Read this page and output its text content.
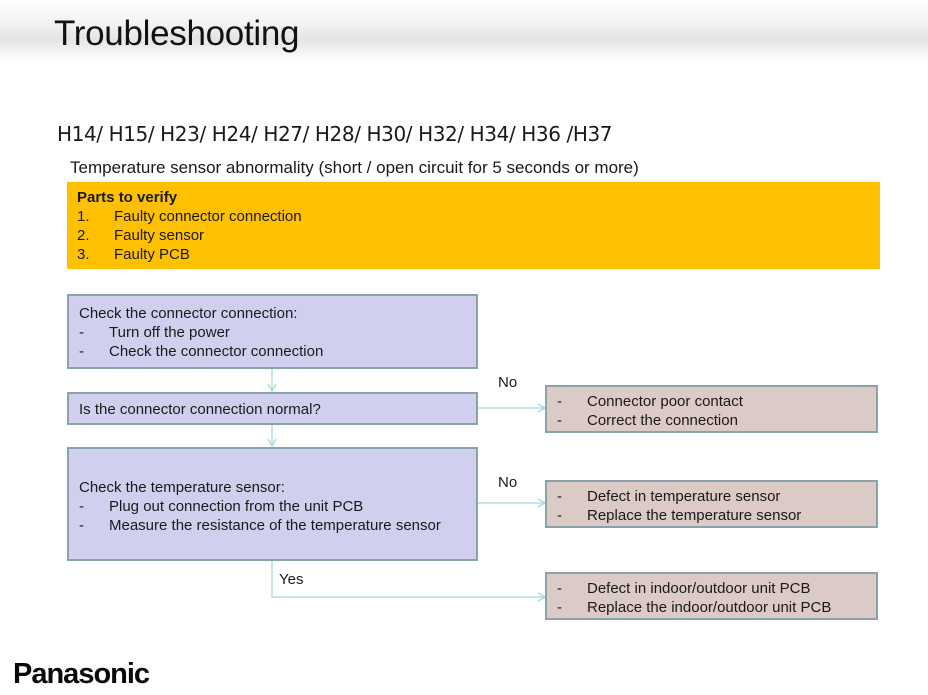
Troubleshooting
H14/ H15/ H23/ H24/ H27/ H28/ H30/ H32/ H34/ H36 /H37
Temperature sensor abnormality (short / open circuit for 5 seconds or more)
Parts to verify
1.	Faulty connector connection
2.	Faulty sensor
3.	Faulty PCB
Check the connector connection:
-	Turn off the power
-	Check the connector connection
Is the connector connection normal?
Check the temperature sensor:
-	Plug out connection from the unit PCB
-	Measure the resistance of the temperature sensor
No
No
Yes
-	Connector poor contact
-	Correct the connection
-	Defect in temperature sensor
-	Replace the temperature sensor
-	Defect in indoor/outdoor unit PCB
-	Replace the indoor/outdoor unit PCB
Panasonic
